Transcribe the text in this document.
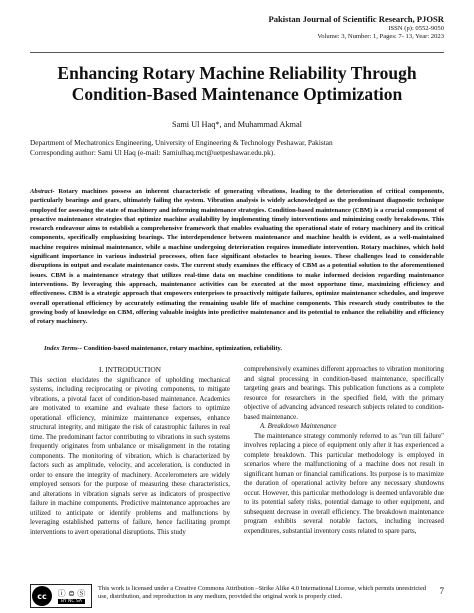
Pakistan Journal of Scientific Research, PJOSR
ISSN (p): 0552-9050
Volume: 3, Number: 1, Pages: 7- 13, Year: 2023
Enhancing Rotary Machine Reliability Through
Condition-Based Maintenance Optimization
Sami Ul Haq*, and Muhammad Akmal
Department of Mechatronics Engineering, University of Engineering & Technology Peshawar, Pakistan
Corresponding author: Sami Ul Haq (e-mail: Samiulhaq.mct@uetpeshawar.edu.pk).
Abstract- Rotary machines possess an inherent characteristic of generating vibrations, leading to the deterioration of critical components, particularly bearings and gears, ultimately failing the system. Vibration analysis is widely acknowledged as the predominant diagnostic technique employed for assessing the state of machinery and informing maintenance strategies. Condition-based maintenance (CBM) is a crucial component of proactive maintenance strategies that optimize machine availability by implementing timely interventions and minimizing costly breakdowns. This research endeavour aims to establish a comprehensive framework that enables evaluating the operational state of rotary machinery and its critical components, specifically emphasizing bearings. The interdependence between maintenance and machine health is evident, as a well-maintained machine requires minimal maintenance, while a machine undergoing deterioration requires immediate intervention. Rotary machines, which hold significant importance in various industrial processes, often face significant obstacles to bearing issues. These challenges lead to considerable disruptions in output and escalate maintenance costs. The current study examines the efficacy of CBM as a potential solution to the aforementioned issues. CBM is a maintenance strategy that utilizes real-time data on machine conditions to make informed decision regarding maintenance interventions. By leveraging this approach, maintenance activities can be executed at the most opportune time, maximizing efficiency and effectiveness. CBM is a strategic approach that empowers enterprises to proactively mitigate failures, optimize maintenance schedules, and improve overall operational efficiency by accurately estimating the remaining usable life of machine components. This research study contributes to the growing body of knowledge on CBM, offering valuable insights into predictive maintenance and its potential to enhance the reliability and efficiency of rotary machinery.
Index Terms-- Condition-based maintenance, rotary machine, optimization, reliability.
I. INTRODUCTION

This section elucidates the significance of upholding mechanical systems, including reciprocating or pivoting components, to mitigate vibrations, a pivotal facet of condition-based maintenance. Academics are motivated to examine and evaluate these factors to optimize operational efficiency, minimize maintenance expenses, enhance structural integrity, and mitigate the risk of catastrophic failures in real time. The predominant factor contributing to vibrations in such systems frequently originates from unbalance or misalignment in the rotating components. The monitoring of vibration, which is characterized by factors such as amplitude, velocity, and acceleration, is conducted in order to ensure the integrity of machinery. Accelerometers are widely employed sensors for the purpose of measuring these characteristics, and alterations in vibration signals serve as indicators of prospective failure in machine components. Predictive maintenance approaches are utilized to anticipate or identify problems and malfunctions by leveraging established patterns of failure, hence facilitating prompt interventions to avert operational disruptions. This study

comprehensively examines different approaches to vibration monitoring and signal processing in condition-based maintenance, specifically targeting gears and bearings. This publication functions as a complete resource for researchers in the specified field, with the primary objective of advancing advanced research subjects related to condition-based maintenance.

A. Breakdown Maintenance

The maintenance strategy commonly referred to as "run till failure" involves replacing a piece of equipment only after it has experienced a complete breakdown. This particular methodology is employed in scenarios where the malfunctioning of a machine does not result in significant human or financial ramifications. Its purpose is to maximize the duration of operational activity before any necessary shutdowns occur. However, this particular methodology is deemed unfavorable due to its potential safety risks, potential damage to other equipment, and subsequent decrease in overall efficiency. The breakdown maintenance program exhibits several notable factors, including increased expenditures, substantial inventory costs related to spare parts,

cc	ⓘ ⊜ Ⓢ
BY NC SA
This work is licensed under a Creative Commons Attribution –Strike Alike 4.0 International License, which permits unrestricted use, distribution, and reproduction in any medium, provided the original work is properly cited.
7
